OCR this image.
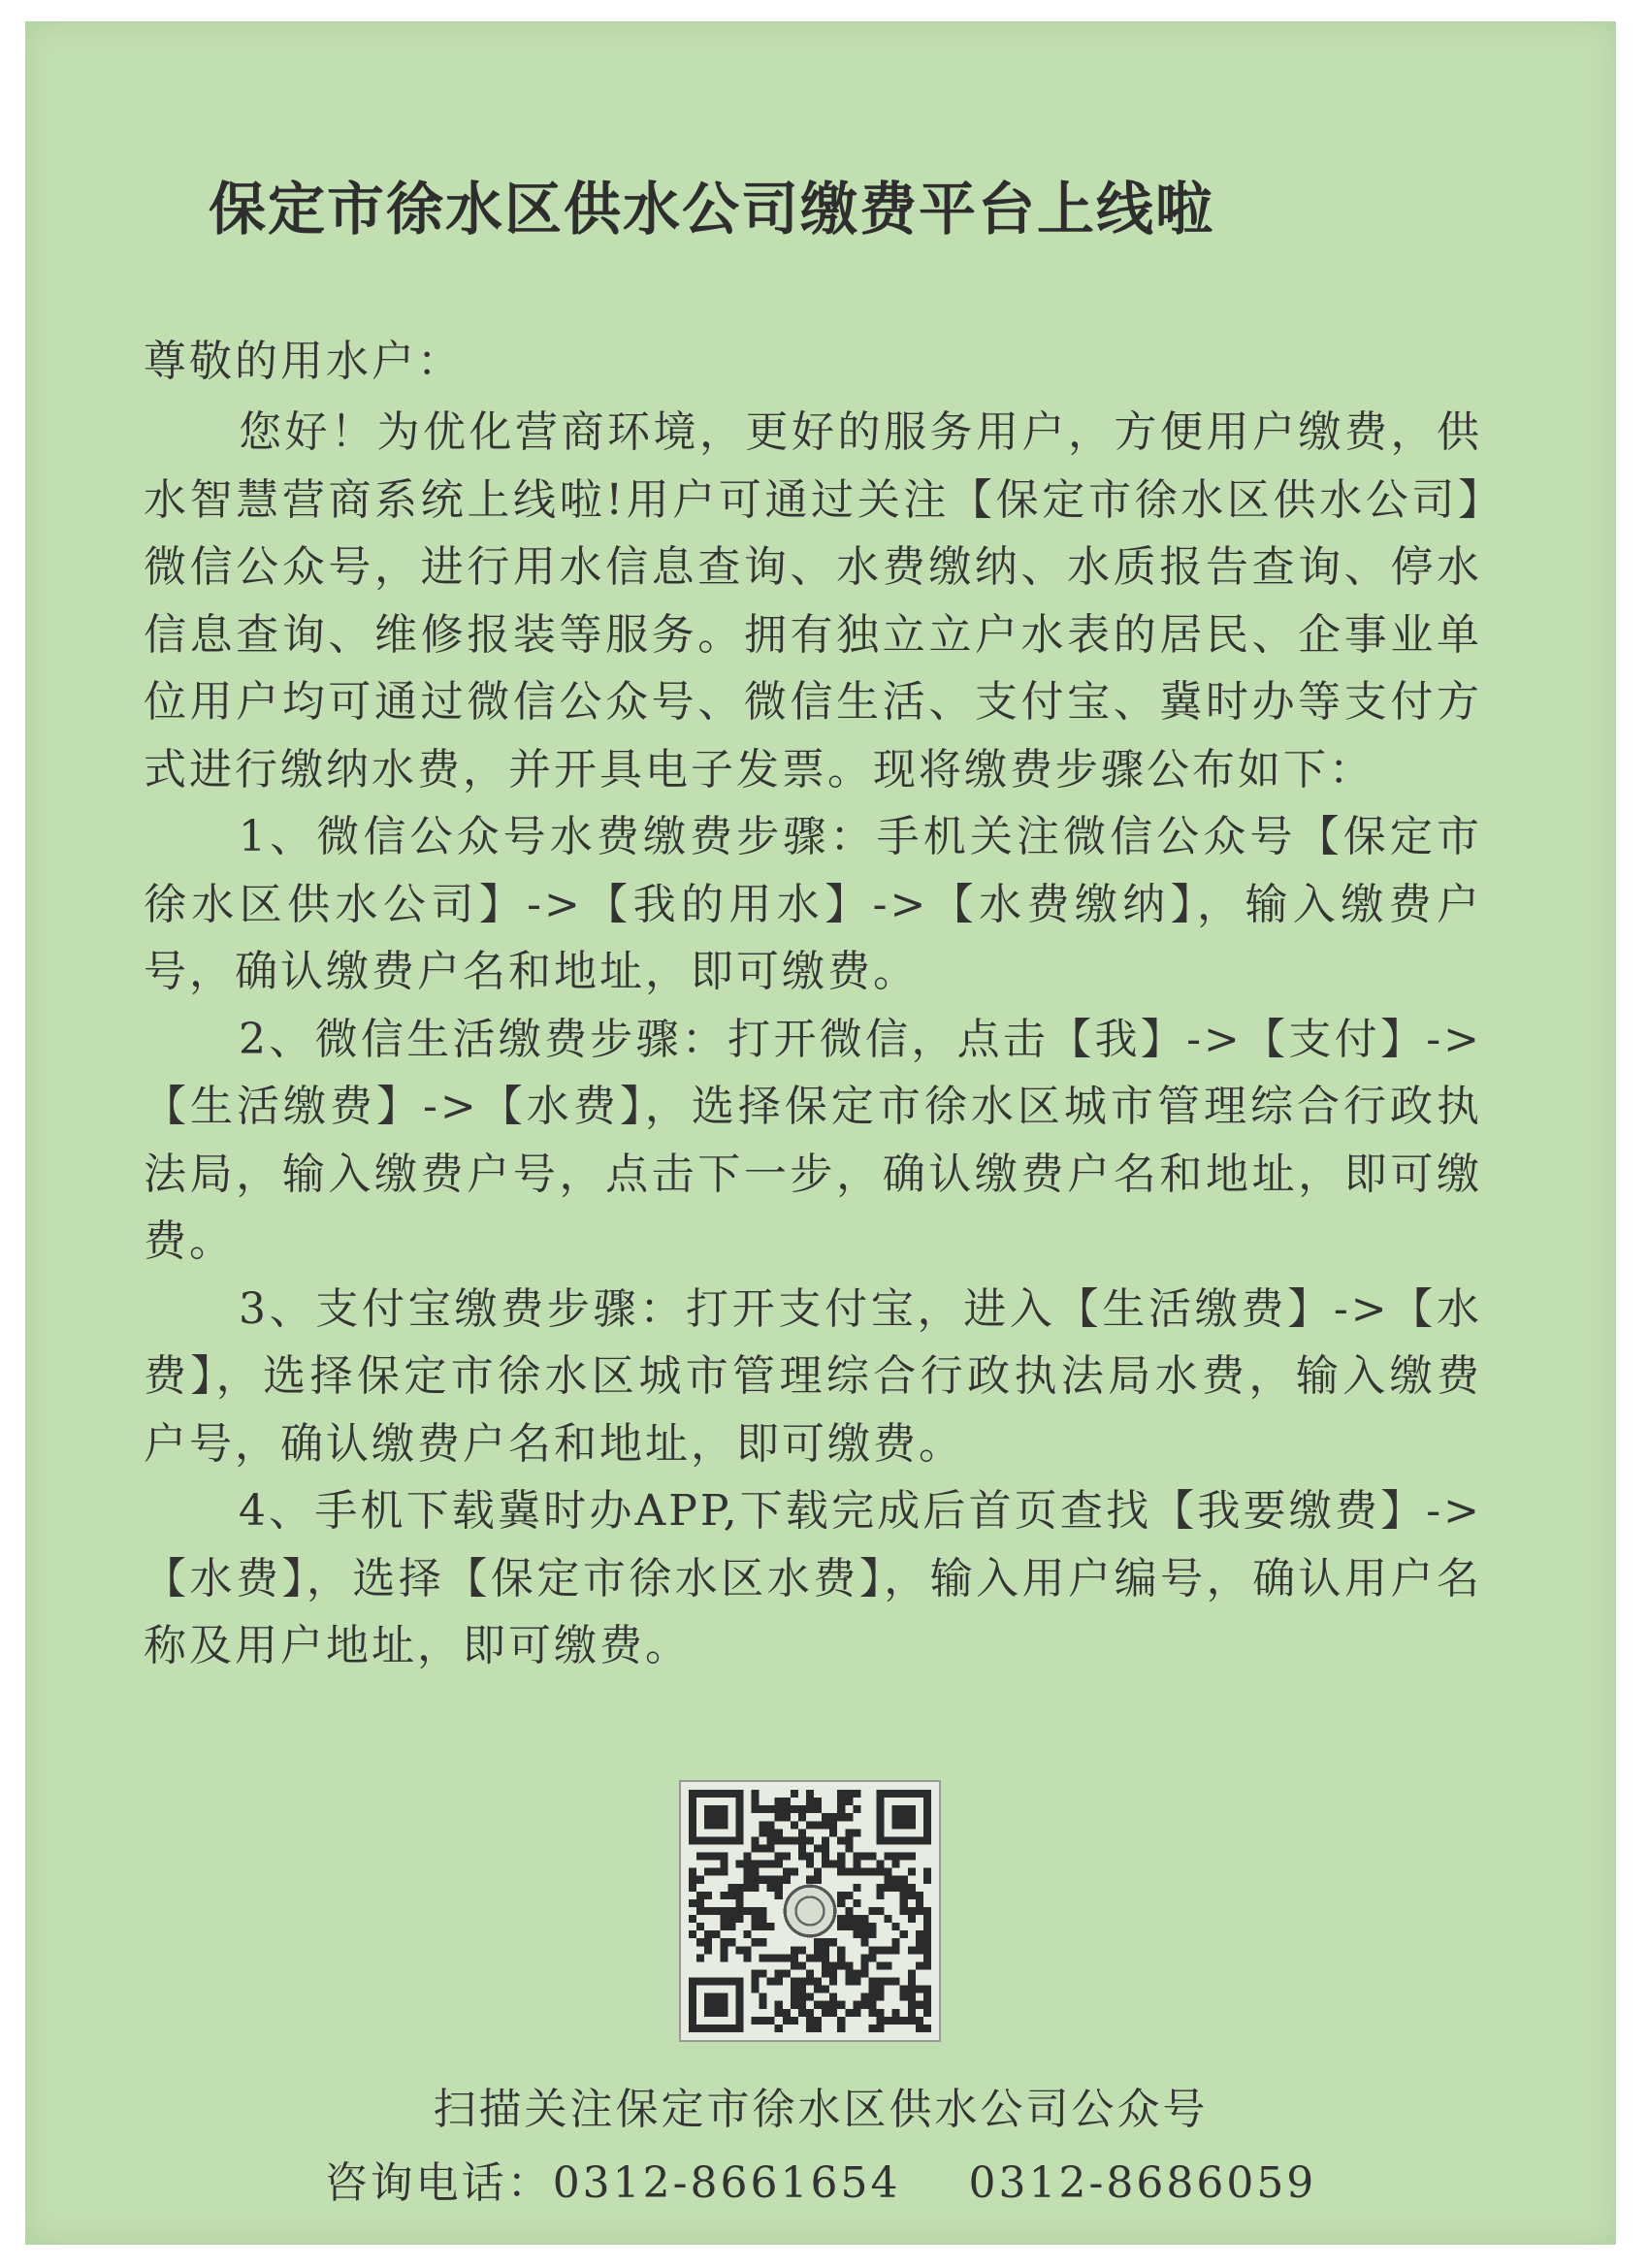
保定市徐水区供水公司缴费平台上线啦
尊敬的用水户：

您好！为优化营商环境，更好的服务用户，方便用户缴费，供水智慧营商系统上线啦!用户可通过关注【保定市徐水区供水公司】微信公众号，进行用水信息查询、水费缴纳、水质报告查询、停水信息查询、维修报装等服务。拥有独立立户水表的居民、企事业单位用户均可通过微信公众号、微信生活、支付宝、冀时办等支付方式进行缴纳水费，并开具电子发票。现将缴费步骤公布如下：

1、微信公众号水费缴费步骤：手机关注微信公众号【保定市徐水区供水公司】->【我的用水】->【水费缴纳】，输入缴费户号，确认缴费户名和地址，即可缴费。

2、微信生活缴费步骤：打开微信，点击【我】->【支付】->【生活缴费】->【水费】，选择保定市徐水区城市管理综合行政执法局，输入缴费户号，点击下一步，确认缴费户名和地址，即可缴费。

3、支付宝缴费步骤：打开支付宝，进入【生活缴费】->【水费】，选择保定市徐水区城市管理综合行政执法局水费，输入缴费户号，确认缴费户名和地址，即可缴费。

4、手机下载冀时办APP,下载完成后首页查找【我要缴费】->【水费】，选择【保定市徐水区水费】，输入用户编号，确认用户名称及用户地址，即可缴费。

扫描关注保定市徐水区供水公司公众号
咨询电话：0312-8661654 0312-8686059
